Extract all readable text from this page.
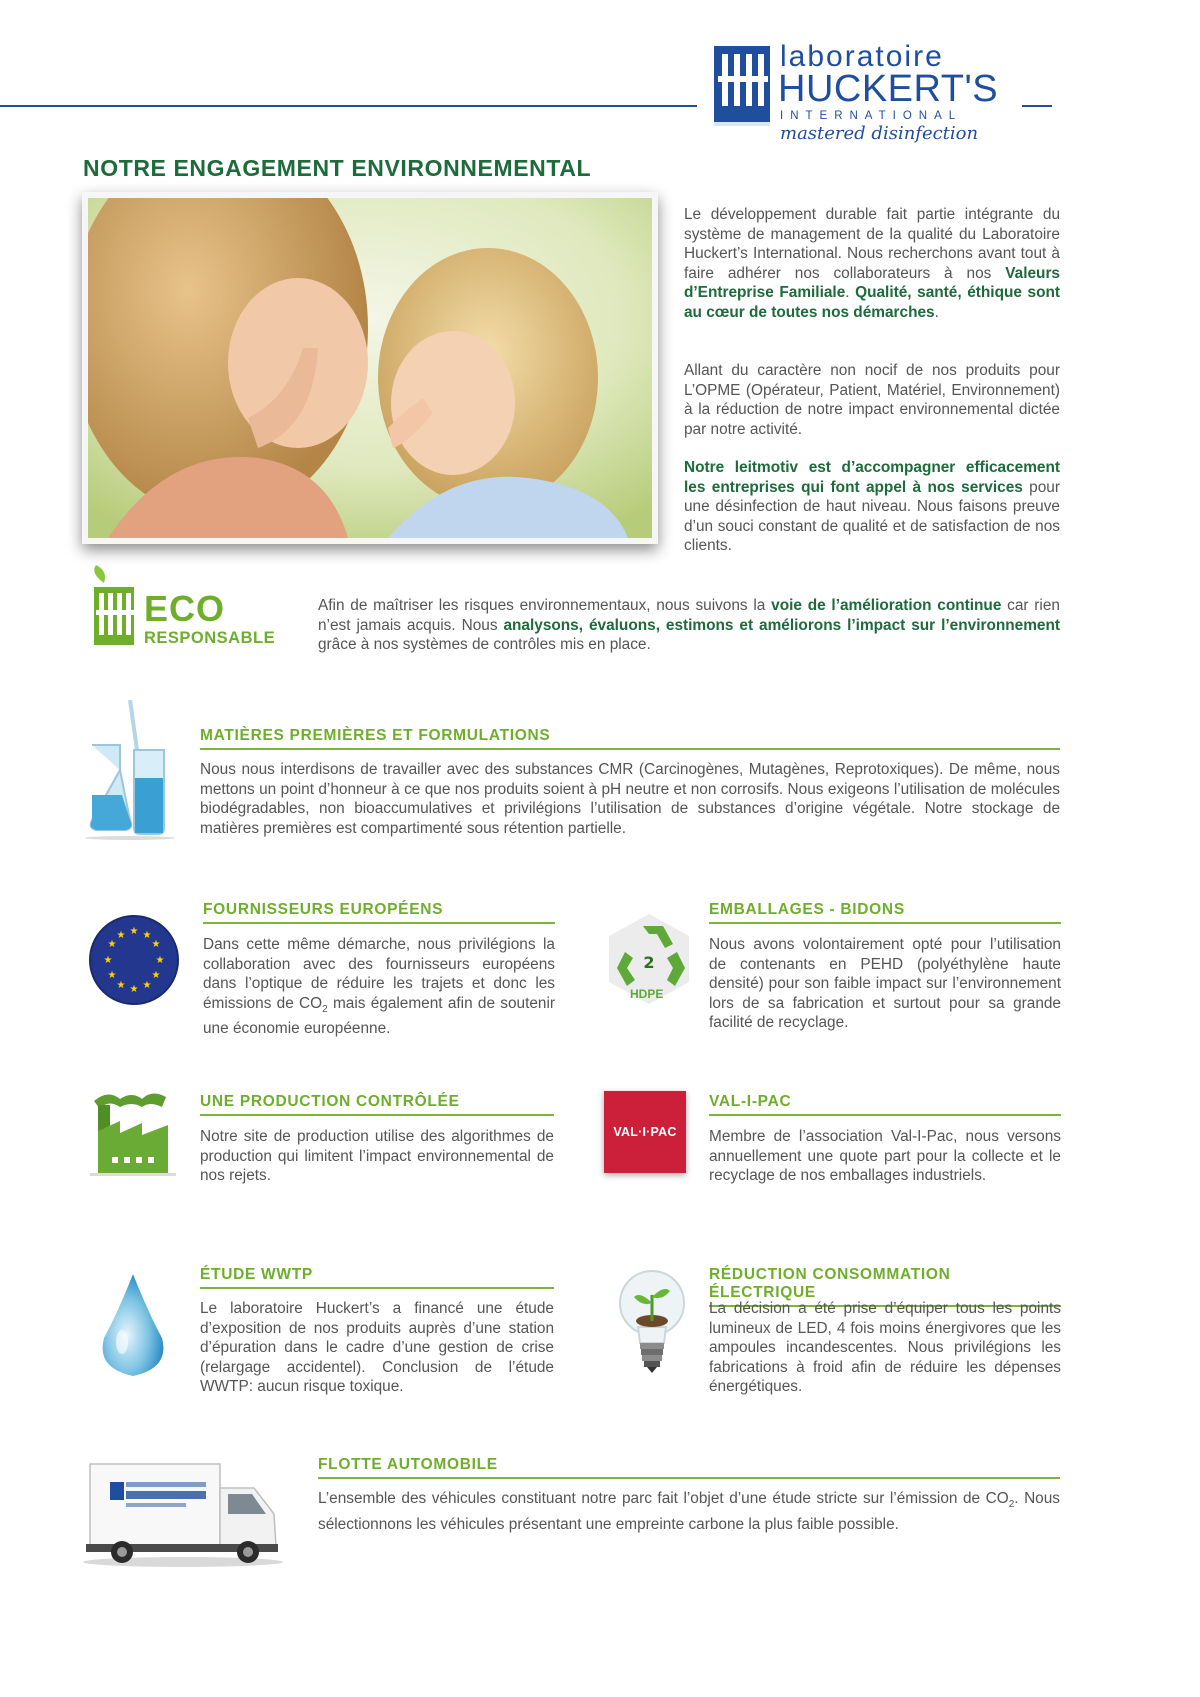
laboratoire
HUCKERT'S
INTERNATIONAL
mastered disinfection
NOTRE ENGAGEMENT ENVIRONNEMENTAL
Le développement durable fait partie intégrante du système de management de la qualité du Laboratoire Huckert’s International. Nous recherchons avant tout à faire adhérer nos collaborateurs à nos Valeurs d’Entreprise Familiale. Qualité, santé, éthique sont au cœur de toutes nos démarches.
Allant du caractère non nocif de nos produits pour L’OPME (Opérateur, Patient, Matériel, Environnement) à la réduction de notre impact environnemental dictée par notre activité.
Notre leitmotiv est d’accompagner efficacement les entreprises qui font appel à nos services pour une désinfection de haut niveau. Nous faisons preuve d’un souci constant de qualité et de satisfaction de nos clients.
ECO
RESPONSABLE
Afin de maîtriser les risques environnementaux, nous suivons la voie de l’amélioration continue car rien n’est jamais acquis. Nous analysons, évaluons, estimons et améliorons l’impact sur l’environnement grâce à nos systèmes de contrôles mis en place.
MATIÈRES PREMIÈRES ET FORMULATIONS
Nous nous interdisons de travailler avec des substances CMR (Carcinogènes, Mutagènes, Reprotoxiques). De même, nous mettons un point d’honneur à ce que nos produits soient à pH neutre et non corrosifs. Nous exigeons l’utilisation de molécules biodégradables, non bioaccumulatives et privilégions l’utilisation de substances d’origine végétale. Notre stockage de matières premières est compartimenté sous rétention partielle.
★ ★
★
★
★
★
★
★
★
★
★
★
FOURNISSEURS EUROPÉENS
Dans cette même démarche, nous privilégions la collaboration avec des fournisseurs européens dans l’optique de réduire les trajets et donc les émissions de $CO_2$ mais également afin de soutenir une économie européenne.
2
HDPE
EMBALLAGES - BIDONS
Nous avons volontairement opté pour l’utilisation de contenants en PEHD (polyéthylène haute densité) pour son faible impact sur l’environnement lors de sa fabrication et surtout pour sa grande facilité de recyclage.
UNE PRODUCTION CONTRÔLÉE
Notre site de production utilise des algorithmes de production qui limitent l’impact environnemental de nos rejets.
VAL·I·PAC
VAL-I-PAC
Membre de l’association Val-I-Pac, nous versons annuellement une quote part pour la collecte et le recyclage de nos emballages industriels.
ÉTUDE WWTP
Le laboratoire Huckert’s a financé une étude d’exposition de nos produits auprès d’une station d’épuration dans le cadre d’une gestion de crise (relargage accidentel). Conclusion de l’étude WWTP: aucun risque toxique.
RÉDUCTION CONSOMMATION ÉLECTRIQUE
La décision a été prise d’équiper tous les points lumineux de LED, 4 fois moins énergivores que les ampoules incandescentes. Nous privilégions les fabrications à froid afin de réduire les dépenses énergétiques.
FLOTTE AUTOMOBILE
L’ensemble des véhicules constituant notre parc fait l’objet d’une étude stricte sur l’émission de $CO_2$. Nous sélectionnons les véhicules présentant une empreinte carbone la plus faible possible.
